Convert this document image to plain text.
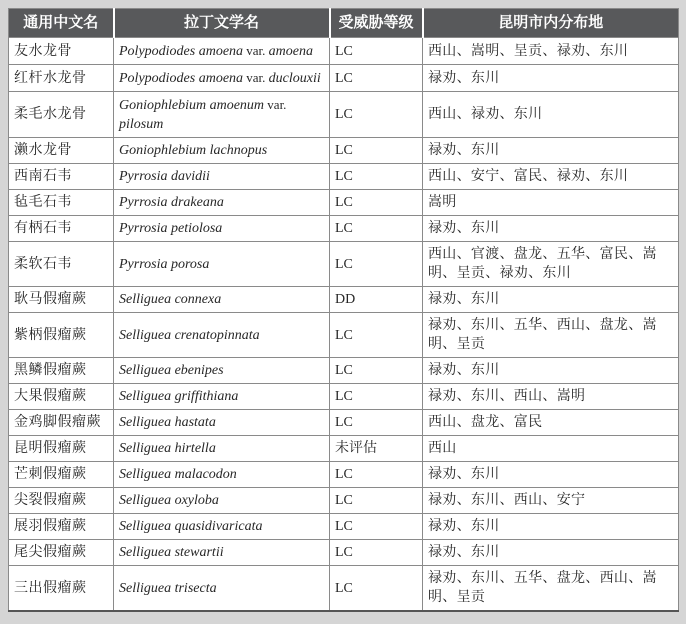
通用中文名	拉丁文学名	受威胁等级	昆明市内分布地
友水龙骨	Polypodiodes amoena var. amoena	LC	西山、嵩明、呈贡、禄劝、东川
红杆水龙骨	Polypodiodes amoena var. duclouxii	LC	禄劝、东川
柔毛水龙骨	Goniophlebium amoenum var. pilosum	LC	西山、禄劝、东川
濑水龙骨	Goniophlebium lachnopus	LC	禄劝、东川
西南石韦	Pyrrosia davidii	LC	西山、安宁、富民、禄劝、东川
毡毛石韦	Pyrrosia drakeana	LC	嵩明
有柄石韦	Pyrrosia petiolosa	LC	禄劝、东川
柔软石韦	Pyrrosia porosa	LC	西山、官渡、盘龙、五华、富民、嵩明、呈贡、禄劝、东川
耿马假瘤蕨	Selliguea connexa	DD	禄劝、东川
紫柄假瘤蕨	Selliguea crenatopinnata	LC	禄劝、东川、五华、西山、盘龙、嵩明、呈贡
黑鳞假瘤蕨	Selliguea ebenipes	LC	禄劝、东川
大果假瘤蕨	Selliguea griffithiana	LC	禄劝、东川、西山、嵩明
金鸡脚假瘤蕨	Selliguea hastata	LC	西山、盘龙、富民
昆明假瘤蕨	Selliguea hirtella	未评估	西山
芒刺假瘤蕨	Selliguea malacodon	LC	禄劝、东川
尖裂假瘤蕨	Selliguea oxyloba	LC	禄劝、东川、西山、安宁
展羽假瘤蕨	Selliguea quasidivaricata	LC	禄劝、东川
尾尖假瘤蕨	Selliguea stewartii	LC	禄劝、东川
三出假瘤蕨	Selliguea trisecta	LC	禄劝、东川、五华、盘龙、西山、嵩明、呈贡
